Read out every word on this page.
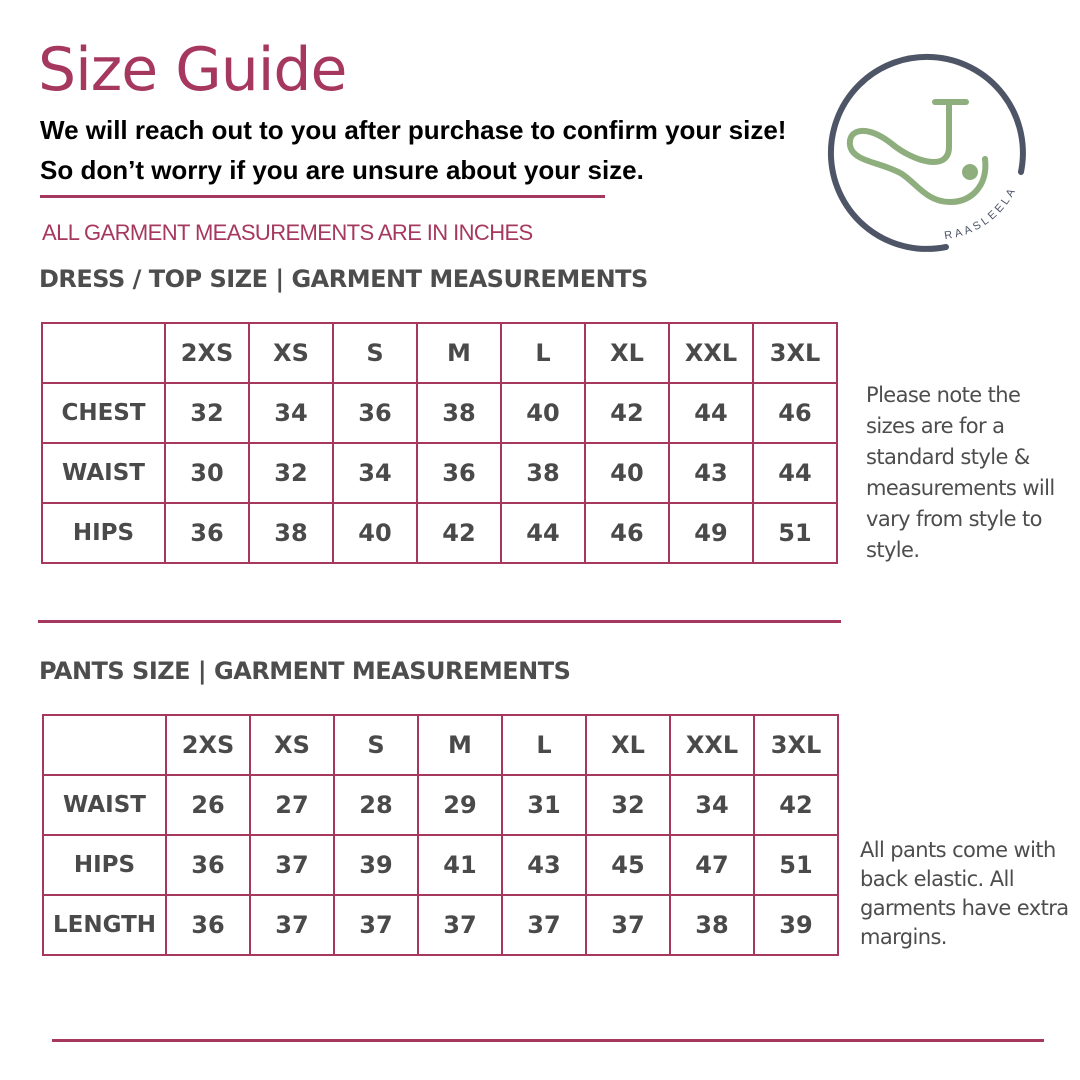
Size Guide

We will reach out to you after purchase to confirm your size! So don’t worry if you are unsure about your size.

RAASLEELA
ALL GARMENT MEASUREMENTS ARE IN INCHES
DRESS / TOP SIZE | GARMENT MEASUREMENTS
	2XS	XS	S	M	L	XL	XXL	3XL
CHEST	32	34	36	38	40	42	44	46
WAIST	30	32	34	36	38	40	43	44
HIPS	36	38	40	42	44	46	49	51
Please note the sizes are for a standard style & measurements will vary from style to style.
PANTS SIZE | GARMENT MEASUREMENTS
	2XS	XS	S	M	L	XL	XXL	3XL
WAIST	26	27	28	29	31	32	34	42
HIPS	36	37	39	41	43	45	47	51
LENGTH	36	37	37	37	37	37	38	39
All pants come with back elastic. All garments have extra margins.
